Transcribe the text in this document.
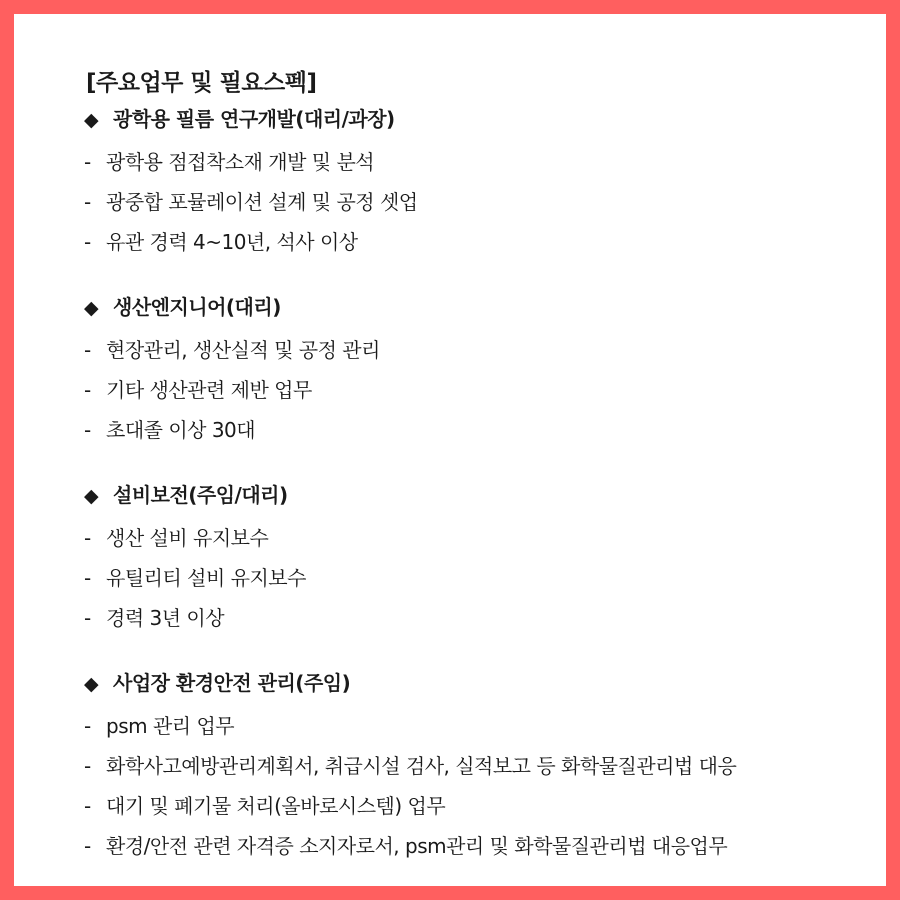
[주요업무 및 필요스펙]
◆ 광학용 필름 연구개발(대리/과장)
- 광학용 점접착소재 개발 및 분석
- 광중합 포뮬레이션 설계 및 공정 셋업
- 유관 경력 4~10년, 석사 이상
◆ 생산엔지니어(대리)
- 현장관리, 생산실적 및 공정 관리
- 기타 생산관련 제반 업무
- 초대졸 이상 30대
◆ 설비보전(주임/대리)
- 생산 설비 유지보수
- 유틸리티 설비 유지보수
- 경력 3년 이상
◆ 사업장 환경안전 관리(주임)
- psm 관리 업무
- 화학사고예방관리계획서, 취급시설 검사, 실적보고 등 화학물질관리법 대응
- 대기 및 폐기물 처리(올바로시스템) 업무
- 환경/안전 관련 자격증 소지자로서, psm관리 및 화학물질관리법 대응업무
